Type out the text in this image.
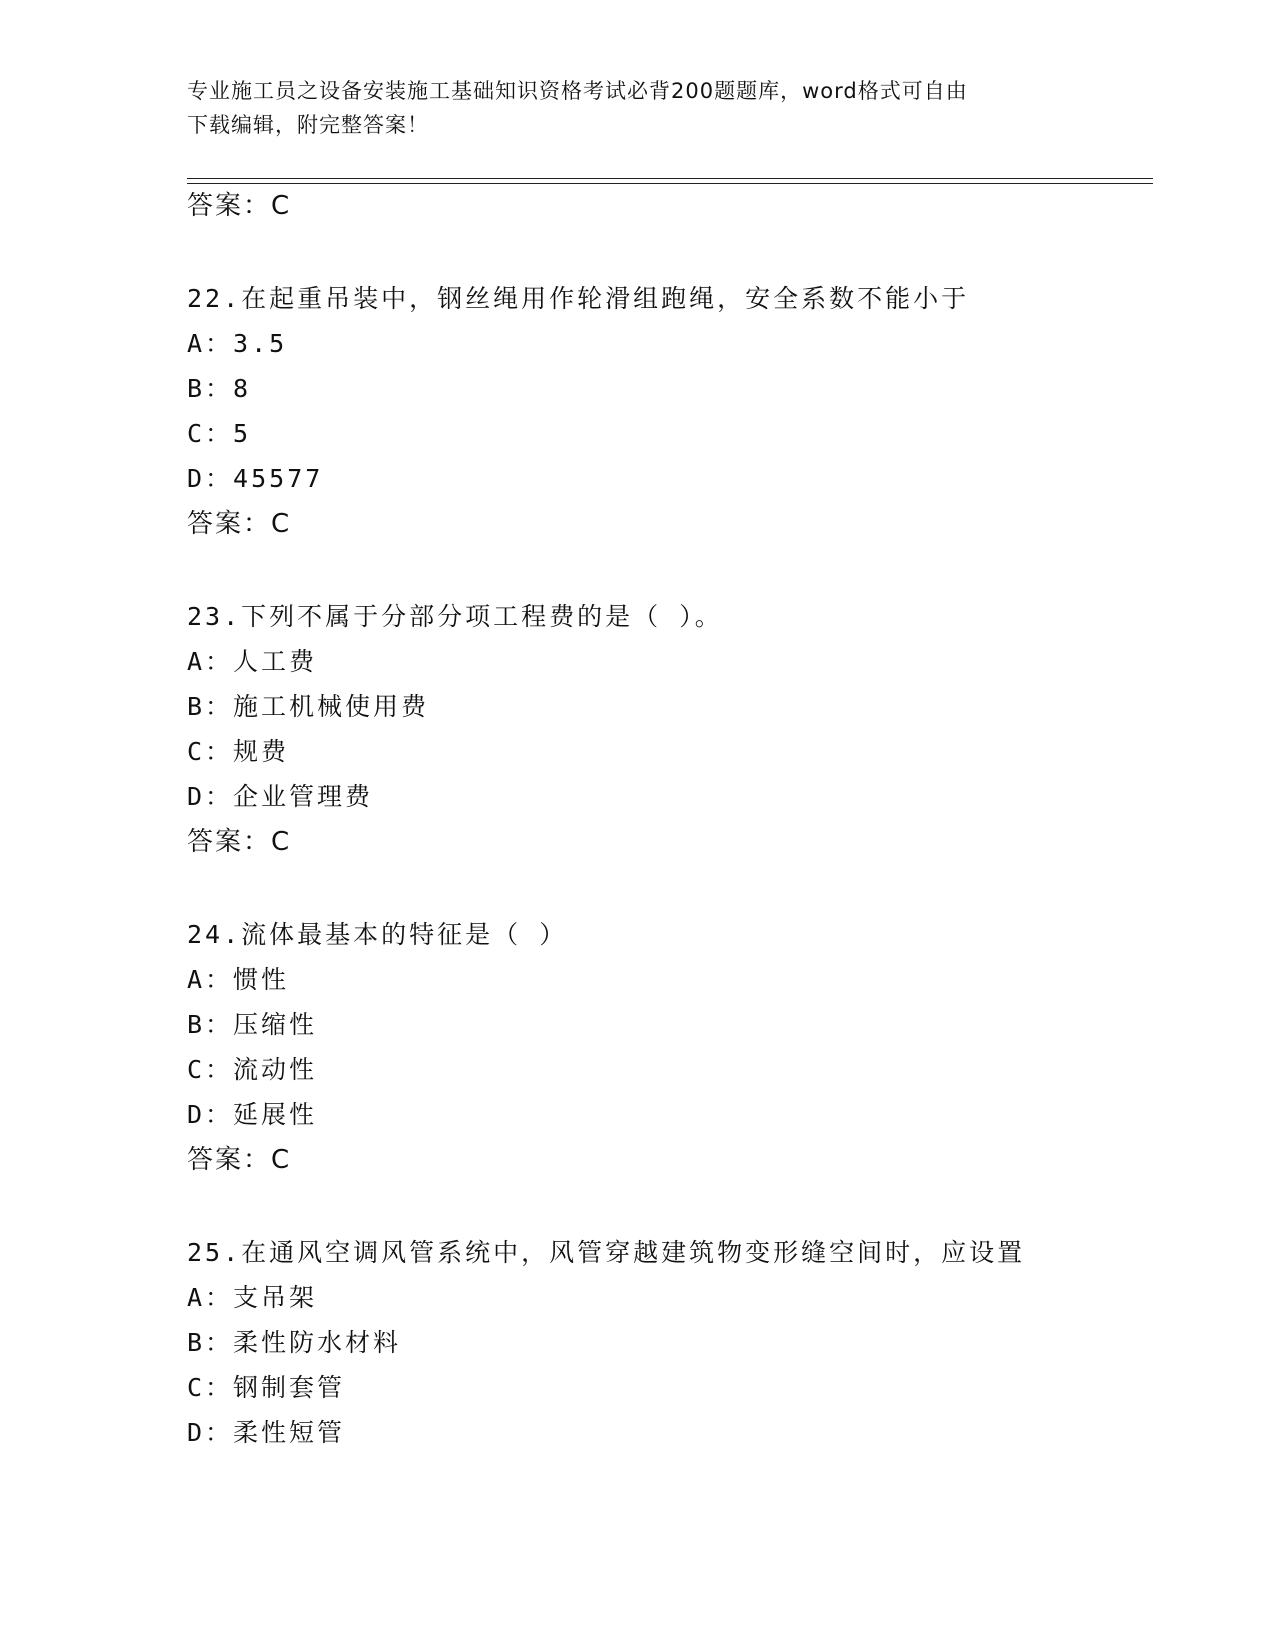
专业施工员之设备安装施工基础知识资格考试必背200题题库，word格式可自由
下载编辑，附完整答案！
答案：C
22.在起重吊装中，钢丝绳用作轮滑组跑绳，安全系数不能小于
A：3.5
B：8
C：5
D：45577
答案：C
23.下列不属于分部分项工程费的是（ ）。
A：人工费
B：施工机械使用费
C：规费
D：企业管理费
答案：C
24.流体最基本的特征是（ ）
A：惯性
B：压缩性
C：流动性
D：延展性
答案：C
25.在通风空调风管系统中，风管穿越建筑物变形缝空间时，应设置
A：支吊架
B：柔性防水材料
C：钢制套管
D：柔性短管
